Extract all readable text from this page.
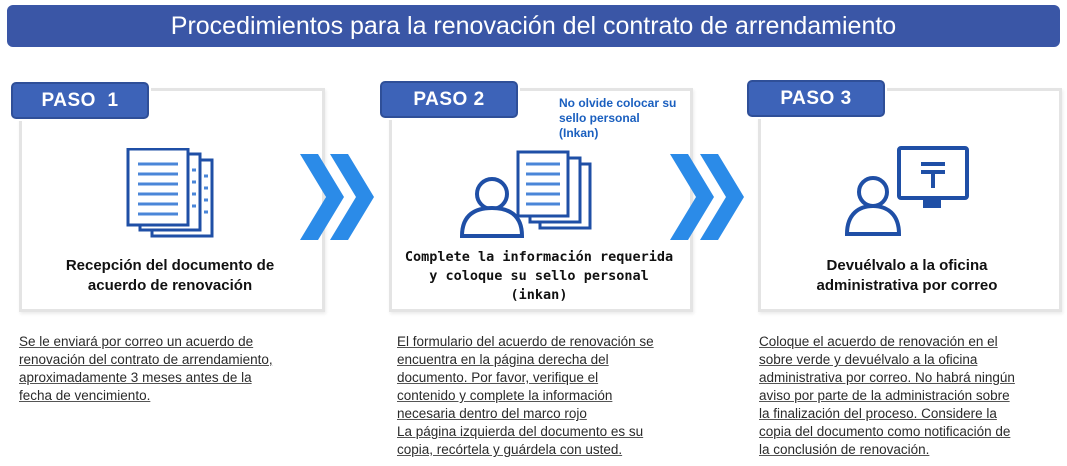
Procedimientos para la renovación del contrato de arrendamiento
PASO  1	PASO 2	PASO 3
No olvide colocar su sello personal (Inkan)
Recepción del documento de acuerdo de renovación
Complete la información requerida y coloque su sello personal (inkan)
Devuélvalo a la oficina administrativa por correo
Se le enviará por correo un acuerdo de
renovación del contrato de arrendamiento,
aproximadamente 3 meses antes de la
fecha de vencimiento.
El formulario del acuerdo de renovación se
encuentra en la página derecha del
documento. Por favor, verifique el
contenido y complete la información
necesaria dentro del marco rojo
La página izquierda del documento es su
copia, recórtela y guárdela con usted.
Coloque el acuerdo de renovación en el
sobre verde y devuélvalo a la oficina
administrativa por correo. No habrá ningún
aviso por parte de la administración sobre
la finalización del proceso. Considere la
copia del documento como notificación de
la conclusión de renovación.
